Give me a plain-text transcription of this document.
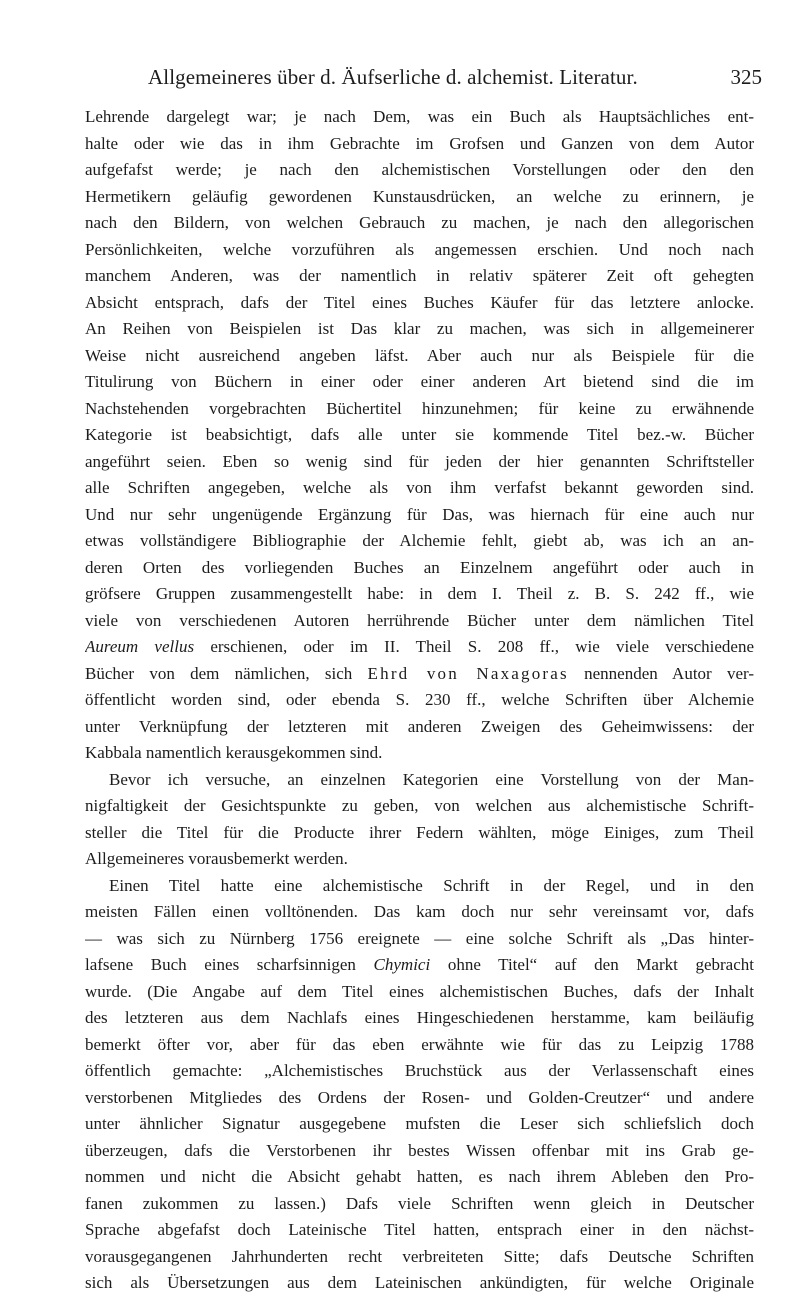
Allgemeineres über d. Äufserliche d. alchemist. Literatur.	325
Lehrende dargelegt war; je nach Dem, was ein Buch als Hauptsächliches ent-
halte oder wie das in ihm Gebrachte im Grofsen und Ganzen von dem Autor
aufgefafst werde; je nach den alchemistischen Vorstellungen oder den den
Hermetikern geläufig gewordenen Kunstausdrücken, an welche zu erinnern, je
nach den Bildern, von welchen Gebrauch zu machen, je nach den allegorischen
Persönlichkeiten, welche vorzuführen als angemessen erschien. Und noch nach
manchem Anderen, was der namentlich in relativ späterer Zeit oft gehegten
Absicht entsprach, dafs der Titel eines Buches Käufer für das letztere anlocke.
An Reihen von Beispielen ist Das klar zu machen, was sich in allgemeinerer
Weise nicht ausreichend angeben läfst. Aber auch nur als Beispiele für die
Titulirung von Büchern in einer oder einer anderen Art bietend sind die im
Nachstehenden vorgebrachten Büchertitel hinzunehmen; für keine zu erwähnende
Kategorie ist beabsichtigt, dafs alle unter sie kommende Titel bez.-w. Bücher
angeführt seien. Eben so wenig sind für jeden der hier genannten Schriftsteller
alle Schriften angegeben, welche als von ihm verfafst bekannt geworden sind.
Und nur sehr ungenügende Ergänzung für Das, was hiernach für eine auch nur
etwas vollständigere Bibliographie der Alchemie fehlt, giebt ab, was ich an an-
deren Orten des vorliegenden Buches an Einzelnem angeführt oder auch in
gröfsere Gruppen zusammengestellt habe: in dem I. Theil z. B. S. 242 ff., wie
viele von verschiedenen Autoren herrührende Bücher unter dem nämlichen Titel
Aureum vellus erschienen, oder im II. Theil S. 208 ff., wie viele verschiedene
Bücher von dem nämlichen, sich Ehrd von Naxagoras nennenden Autor ver-
öffentlicht worden sind, oder ebenda S. 230 ff., welche Schriften über Alchemie
unter Verknüpfung der letzteren mit anderen Zweigen des Geheimwissens: der
Kabbala namentlich kerausgekommen sind.
Bevor ich versuche, an einzelnen Kategorien eine Vorstellung von der Man-
nigfaltigkeit der Gesichtspunkte zu geben, von welchen aus alchemistische Schrift-
steller die Titel für die Producte ihrer Federn wählten, möge Einiges, zum Theil
Allgemeineres vorausbemerkt werden.
Einen Titel hatte eine alchemistische Schrift in der Regel, und in den
meisten Fällen einen volltönenden. Das kam doch nur sehr vereinsamt vor, dafs
— was sich zu Nürnberg 1756 ereignete — eine solche Schrift als „Das hinter-
lafsene Buch eines scharfsinnigen Chymici ohne Titel“ auf den Markt gebracht
wurde. (Die Angabe auf dem Titel eines alchemistischen Buches, dafs der Inhalt
des letzteren aus dem Nachlafs eines Hingeschiedenen herstamme, kam beiläufig
bemerkt öfter vor, aber für das eben erwähnte wie für das zu Leipzig 1788
öffentlich gemachte: „Alchemistisches Bruchstück aus der Verlassenschaft eines
verstorbenen Mitgliedes des Ordens der Rosen- und Golden-Creutzer“ und andere
unter ähnlicher Signatur ausgegebene mufsten die Leser sich schliefslich doch
überzeugen, dafs die Verstorbenen ihr bestes Wissen offenbar mit ins Grab ge-
nommen und nicht die Absicht gehabt hatten, es nach ihrem Ableben den Pro-
fanen zukommen zu lassen.) Dafs viele Schriften wenn gleich in Deutscher
Sprache abgefafst doch Lateinische Titel hatten, entsprach einer in den nächst-
vorausgegangenen Jahrhunderten recht verbreiteten Sitte; dafs Deutsche Schriften
sich als Übersetzungen aus dem Lateinischen ankündigten, für welche Originale
